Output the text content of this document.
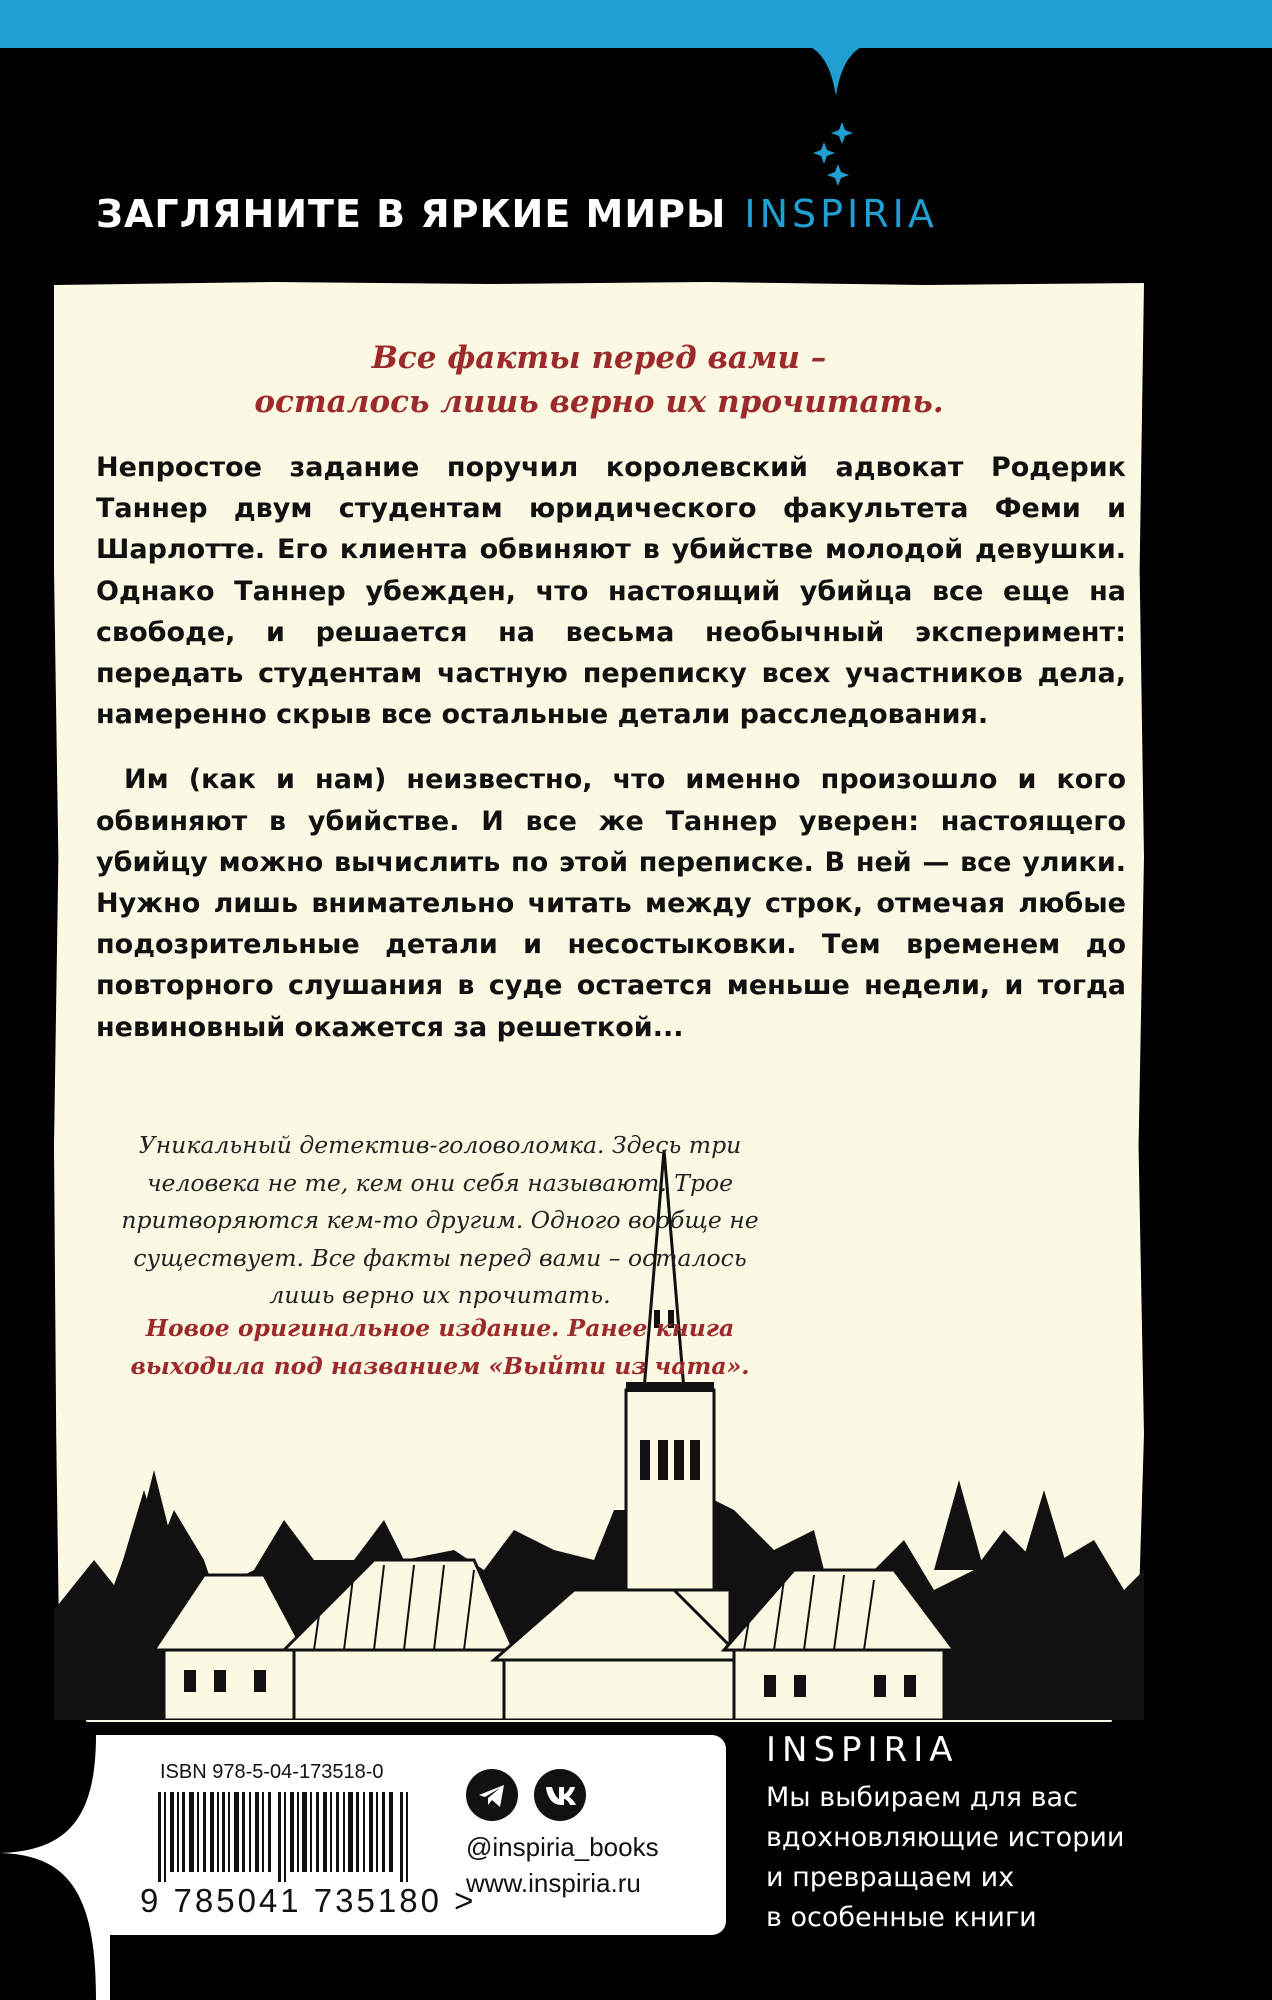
ЗАГЛЯНИТЕ В ЯРКИЕ МИРЫ INSPIRIA
Все факты перед вами –
осталось лишь верно их прочитать.

Непростое задание поручил королевский адвокат Родерик Таннер двум студентам юридического факультета Феми и Шарлотте. Его клиента обвиняют в убийстве молодой девушки. Однако Таннер убежден, что настоящий убийца все еще на свободе, и решается на весьма необычный эксперимент: передать студентам частную переписку всех участников дела, намеренно скрыв все остальные детали расследования.

Им (как и нам) неизвестно, что именно произошло и кого обвиняют в убийстве. И все же Таннер уверен: настоящего убийцу можно вычислить по этой переписке. В ней — все улики. Нужно лишь внимательно читать между строк, отмечая любые подозрительные детали и несостыковки. Тем временем до повторного слушания в суде остается меньше недели, и тогда невиновный окажется за решеткой...

Уникальный детектив-головоломка. Здесь три человека не те, кем они себя называют. Трое притворяются кем-то другим. Одного вообще не существует. Все факты перед вами – осталось лишь верно их прочитать.
Новое оригинальное издание. Ранее книга выходила под названием «Выйти из чата».
ISBN 978-5-04-173518-0
9 785041 735180 >
@inspiria_books
www.inspiria.ru
INSPIRIA
Мы выбираем для вас
вдохновляющие истории
и превращаем их
в особенные книги
